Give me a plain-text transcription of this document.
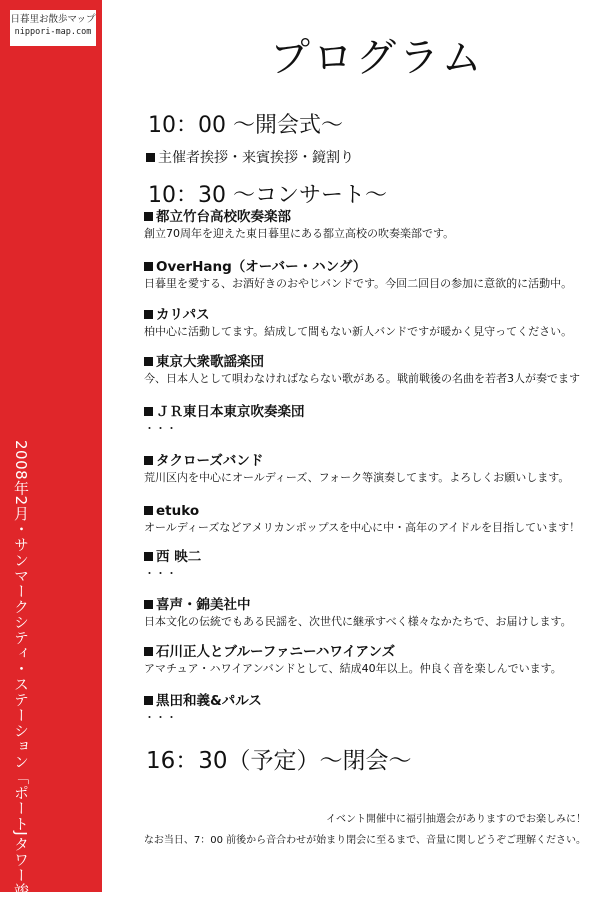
日暮里お散歩マップ
nippori-map.com
2008年2月・サンマークシティ・ステーション「ポートJタワー竣工
プログラム
10：00 〜開会式〜
主催者挨拶・来賓挨拶・鏡割り
10：30 〜コンサート〜
都立竹台高校吹奏楽部
創立70周年を迎えた東日暮里にある都立高校の吹奏楽部です。
OverHang（オーバー・ハング）
日暮里を愛する、お酒好きのおやじバンドです。今回二回目の参加に意欲的に活動中。
カリパス
柏中心に活動してます。結成して間もない新人バンドですが暖かく見守ってください。
東京大衆歌謡楽団
今、日本人として唄わなければならない歌がある。戦前戦後の名曲を若者3人が奏でます
ＪＲ東日本東京吹奏楽団
・・・
タクローズバンド
荒川区内を中心にオールディーズ、フォーク等演奏してます。よろしくお願いします。
etuko
オールディーズなどアメリカンポップスを中心に中・高年のアイドルを目指しています！
西 映二
・・・
喜声・錦美社中
日本文化の伝統でもある民謡を、次世代に継承すべく様々なかたちで、お届けします。
石川正人とブルーファニーハワイアンズ
アマチュア・ハワイアンバンドとして、結成40年以上。仲良く音を楽しんでいます。
黒田和義&パルス
・・・
16：30（予定）〜閉会〜
イベント開催中に福引抽選会がありますのでお楽しみに！
なお当日、7：00 前後から音合わせが始まり閉会に至るまで、音量に関しどうぞご理解ください。
